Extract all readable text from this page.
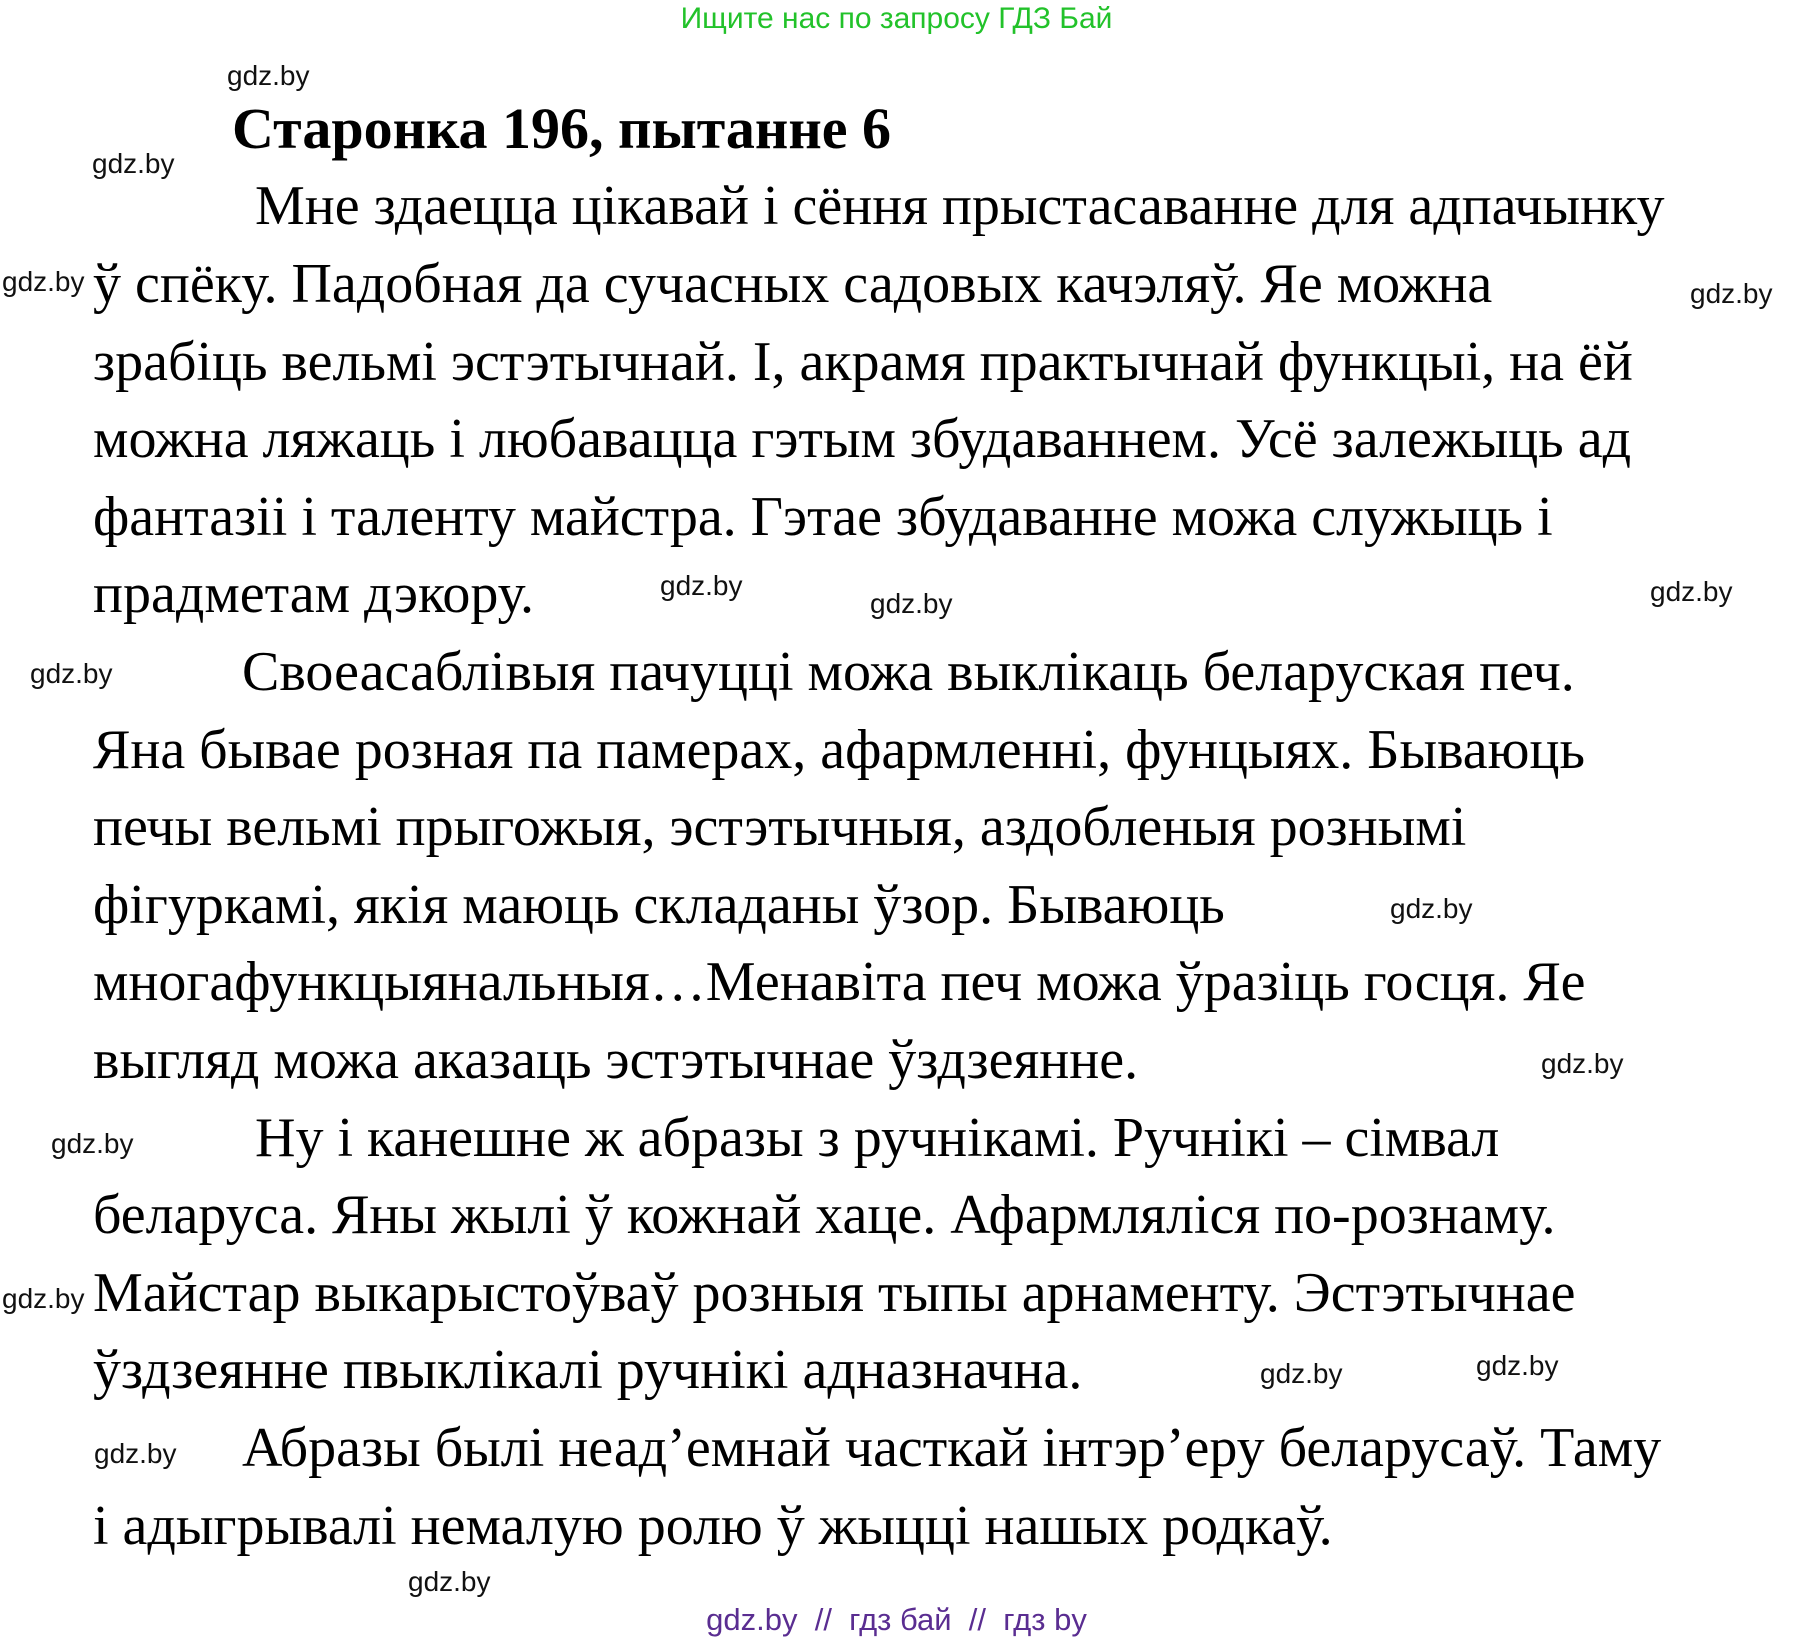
Ищите нас по запросу ГДЗ Бай
Старонка 196, пытанне 6
Мне здаецца цікавай і сёння прыстасаванне для адпачынку
ў спёку. Падобная да сучасных садовых качэляў. Яе можна
зрабіць вельмі эстэтычнай. І, акрамя практычнай функцыі, на ёй
можна ляжаць і любавацца гэтым збудаваннем. Усё залежыць ад
фантазіі і таленту майстра. Гэтае збудаванне можа служыць і
прадметам дэкору.
Своеасаблівыя пачуцці можа выклікаць беларуская печ.
Яна бывае розная па памерах, афармленні, фунцыях. Бываюць
печы вельмі прыгожыя, эстэтычныя, аздобленыя рознымі
фігуркамі, якія маюць складаны ўзор. Бываюць
многафункцыянальныя…Менавіта печ можа ўразіць госця. Яе
выгляд можа аказаць эстэтычнае ўздзеянне.
Ну і канешне ж абразы з ручнікамі. Ручнікі – сімвал
беларуса. Яны жылі ў кожнай хаце. Афармляліся по-рознаму.
Майстар выкарыстоўваў розныя тыпы арнаменту. Эстэтычнае
ўздзеянне пвыклікалі ручнікі адназначна.
Абразы былі неад’емнай часткай інтэр’еру беларусаў. Таму
і адыгрывалі немалую ролю ў жыцці нашых родкаў.
gdz.by
gdz.by
gdz.by	gdz.by
gdz.by
gdz.by
gdz.by
gdz.by
gdz.by
gdz.by
gdz.by
gdz.by
gdz.by
gdz.by
gdz.by
gdz.by
gdz.by  //  гдз бай  //  гдз by
